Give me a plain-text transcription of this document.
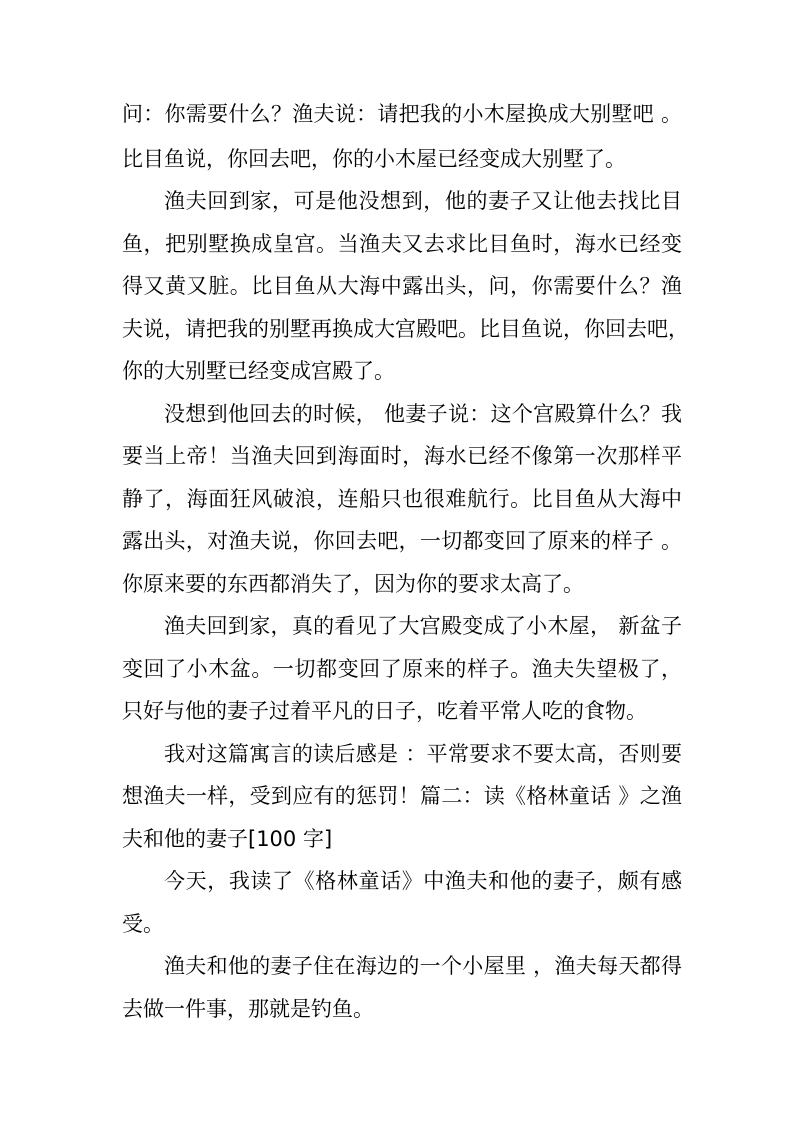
问：你需要什么？渔夫说：请把我的小木屋换成大别墅吧 。
比目鱼说，你回去吧，你的小木屋已经变成大别墅了。
渔夫回到家，可是他没想到，他的妻子又让他去找比目
鱼，把别墅换成皇宫。当渔夫又去求比目鱼时，海水已经变
得又黄又脏。比目鱼从大海中露出头，问，你需要什么？渔
夫说，请把我的别墅再换成大宫殿吧。比目鱼说，你回去吧，
你的大别墅已经变成宫殿了。
没想到他回去的时候， 他妻子说：这个宫殿算什么？我
要当上帝！当渔夫回到海面时，海水已经不像第一次那样平
静了，海面狂风破浪，连船只也很难航行。比目鱼从大海中
露出头，对渔夫说，你回去吧，一切都变回了原来的样子 。
你原来要的东西都消失了，因为你的要求太高了。
渔夫回到家，真的看见了大宫殿变成了小木屋， 新盆子
变回了小木盆。一切都变回了原来的样子。渔夫失望极了，
只好与他的妻子过着平凡的日子，吃着平常人吃的食物。
我对这篇寓言的读后感是 ：平常要求不要太高，否则要
想渔夫一样，受到应有的惩罚！篇二：读《格林童话 》之渔
夫和他的妻子[100 字]
今天，我读了《格林童话》中渔夫和他的妻子，颇有感
受。
渔夫和他的妻子住在海边的一个小屋里 ，渔夫每天都得
去做一件事，那就是钓鱼。
